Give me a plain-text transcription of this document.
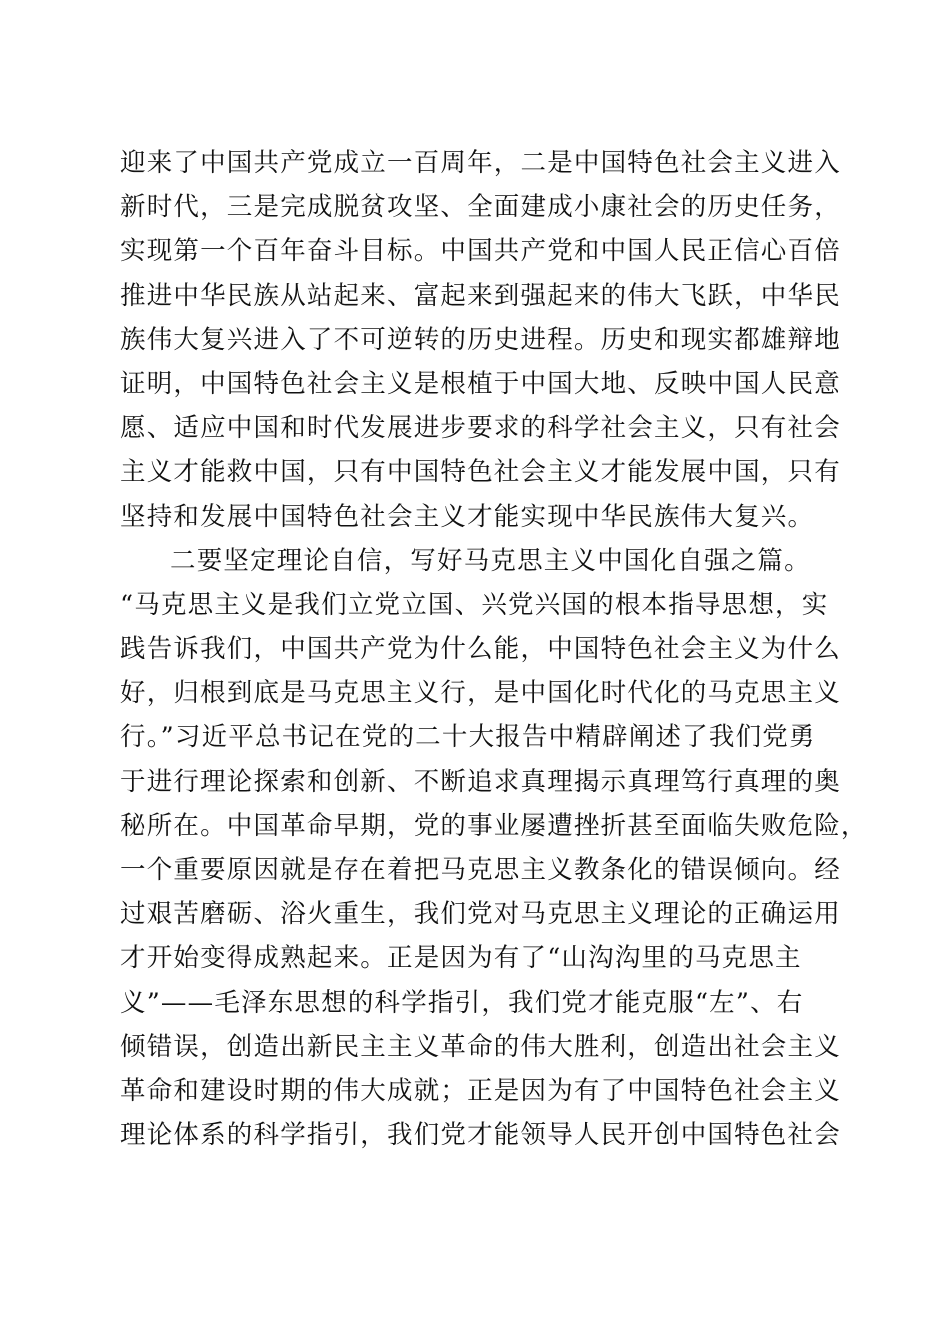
迎来了中国共产党成立一百周年，二是中国特色社会主义进入
新时代，三是完成脱贫攻坚、全面建成小康社会的历史任务，
实现第一个百年奋斗目标。中国共产党和中国人民正信心百倍
推进中华民族从站起来、富起来到强起来的伟大飞跃，中华民
族伟大复兴进入了不可逆转的历史进程。历史和现实都雄辩地
证明，中国特色社会主义是根植于中国大地、反映中国人民意
愿、适应中国和时代发展进步要求的科学社会主义，只有社会
主义才能救中国，只有中国特色社会主义才能发展中国，只有
坚持和发展中国特色社会主义才能实现中华民族伟大复兴。
二要坚定理论自信，写好马克思主义中国化自强之篇。
“马克思主义是我们立党立国、兴党兴国的根本指导思想，实
践告诉我们，中国共产党为什么能，中国特色社会主义为什么
好，归根到底是马克思主义行，是中国化时代化的马克思主义
行。”习近平总书记在党的二十大报告中精辟阐述了我们党勇
于进行理论探索和创新、不断追求真理揭示真理笃行真理的奥
秘所在。中国革命早期，党的事业屡遭挫折甚至面临失败危险，
一个重要原因就是存在着把马克思主义教条化的错误倾向。经
过艰苦磨砺、浴火重生，我们党对马克思主义理论的正确运用
才开始变得成熟起来。正是因为有了“山沟沟里的马克思主
义”——毛泽东思想的科学指引，我们党才能克服“左”、右
倾错误，创造出新民主主义革命的伟大胜利，创造出社会主义
革命和建设时期的伟大成就；正是因为有了中国特色社会主义
理论体系的科学指引，我们党才能领导人民开创中国特色社会
